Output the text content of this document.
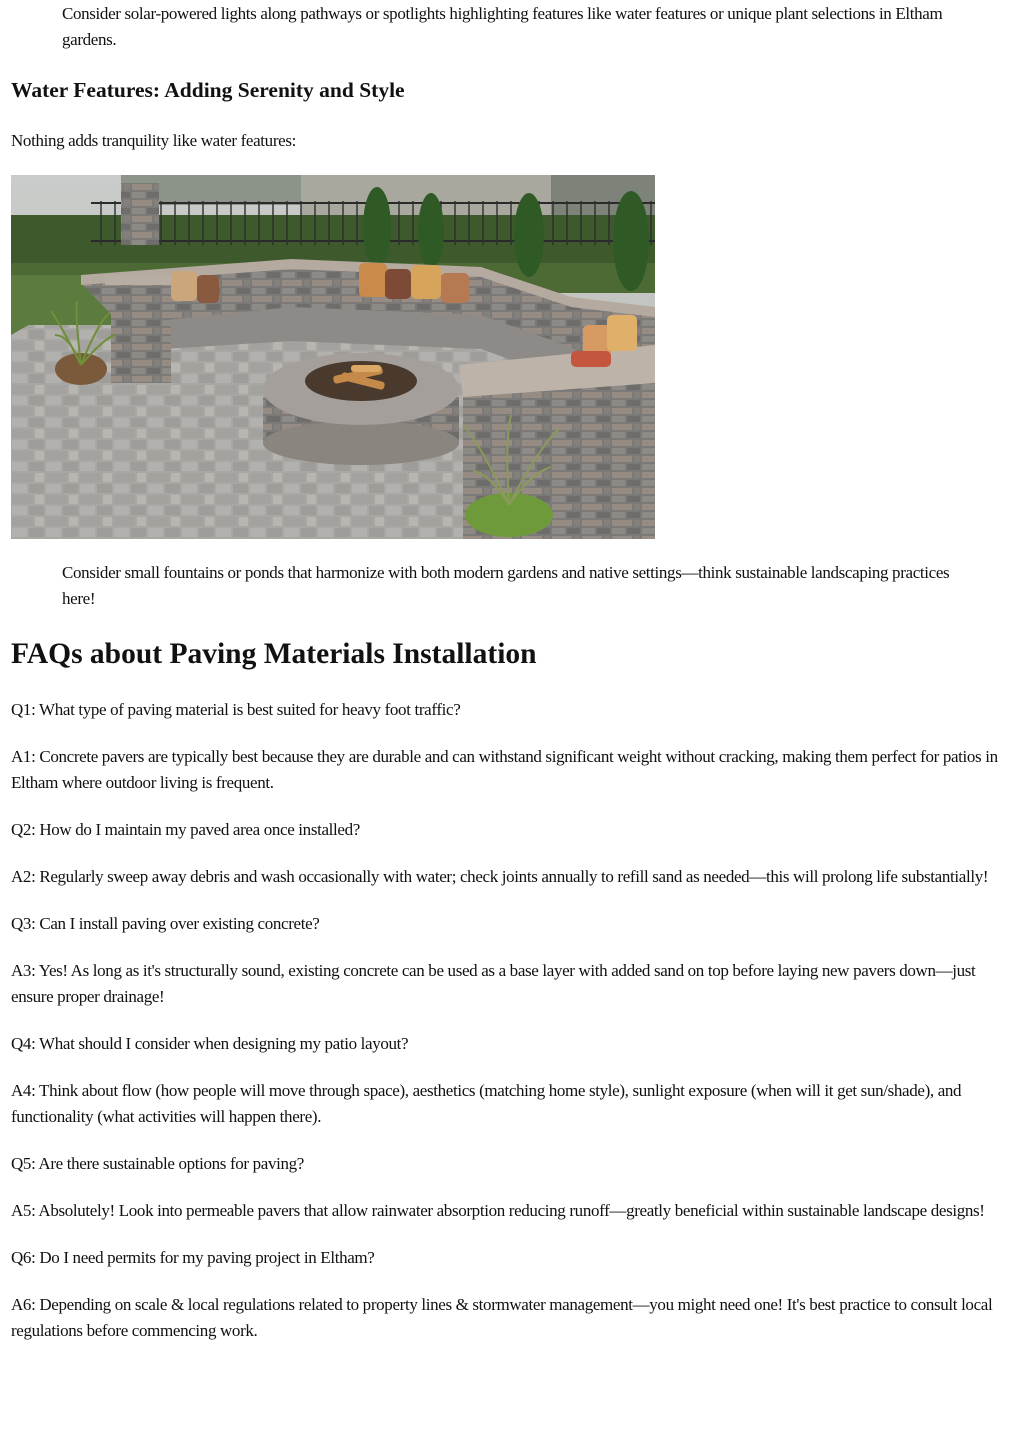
Consider solar-powered lights along pathways or spotlights highlighting features like water features or unique plant selections in Eltham gardens.

Water Features: Adding Serenity and Style

Nothing adds tranquility like water features:

Consider small fountains or ponds that harmonize with both modern gardens and native settings—think sustainable landscaping practices here!

FAQs about Paving Materials Installation

Q1: What type of paving material is best suited for heavy foot traffic?

A1: Concrete pavers are typically best because they are durable and can withstand significant weight without cracking, making them perfect for patios in Eltham where outdoor living is frequent.

Q2: How do I maintain my paved area once installed?

A2: Regularly sweep away debris and wash occasionally with water; check joints annually to refill sand as needed—this will prolong life substantially!

Q3: Can I install paving over existing concrete?

A3: Yes! As long as it's structurally sound, existing concrete can be used as a base layer with added sand on top before laying new pavers down—just ensure proper drainage!

Q4: What should I consider when designing my patio layout?

A4: Think about flow (how people will move through space), aesthetics (matching home style), sunlight exposure (when will it get sun/shade), and functionality (what activities will happen there).

Q5: Are there sustainable options for paving?

A5: Absolutely! Look into permeable pavers that allow rainwater absorption reducing runoff—greatly beneficial within sustainable landscape designs!

Q6: Do I need permits for my paving project in Eltham?

A6: Depending on scale & local regulations related to property lines & stormwater management—you might need one! It's best practice to consult local regulations before commencing work.
